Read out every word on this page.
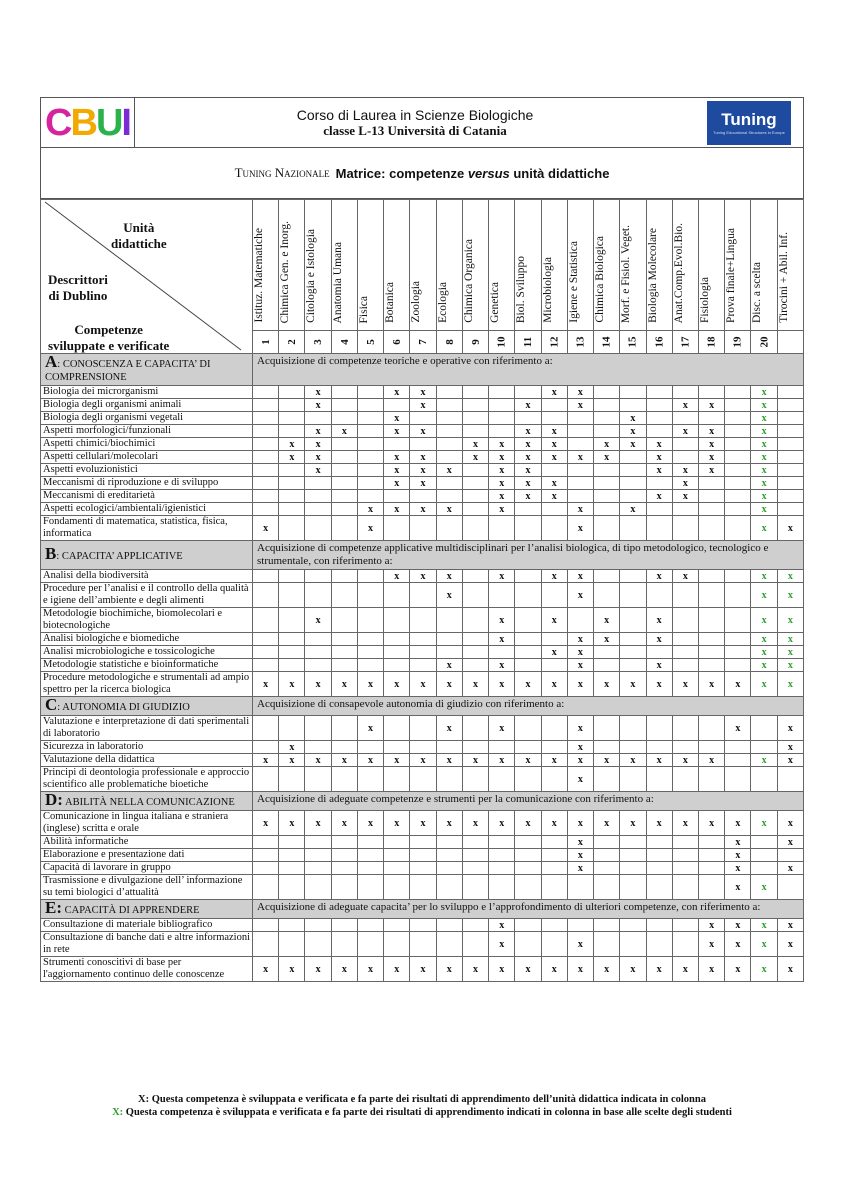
CBUI	Corso di Laurea in Scienze Biologiche
classe L-13 Università di Catania
Tuning
Tuning Educational Structures in Europe
Tuning Nazionale Matrice: competenze versus unità didattiche
Unità
didattiche
Descrittori
di Dublino
Competenze
sviluppate e verificate
	Istituz. Matematiche	Chimica Gen. e Inorg.	Citologia e Istologia	Anatomia Umana	Fisica	Botanica	Zoologia	Ecologia	Chimica Organica	Genetica	Biol. Sviluppo	Microbiologia	Igiene e Statistica	Chimica Biologica	Morf. e Fisiol. Veget.	Biologia Molecolare	Anat.Comp.Evol.Bio.	Fisiologia	Prova finale+Lingua	Disc. a scelta	Tirocini + Abil. Inf.
	1	2	3	4	5	6	7	8	9	10	11	12	13	14	15	16	17	18	19	20	
A: CONOSCENZA E CAPACITA’ DI COMPRENSIONE	Acquisizione di competenze teoriche e operative con riferimento a:																				
Biologia dei microrganismi			x			x	x					x	x							x	
Biologia degli organismi animali			x				x				x		x				x	x		x	
Biologia degli organismi vegetali						x									x					x	
Aspetti morfologici/funzionali			x	x		x	x				x	x			x		x	x		x	
Aspetti chimici/biochimici		x	x						x	x	x	x		x	x	x		x		x	
Aspetti cellulari/molecolari		x	x			x	x		x	x	x	x	x	x		x		x		x	
Aspetti evoluzionistici			x			x	x	x		x	x					x	x	x		x	
Meccanismi di riproduzione e di sviluppo						x	x			x	x	x					x			x	
Meccanismi di ereditarietà										x	x	x				x	x			x	
Aspetti ecologici/ambientali/igienistici					x	x	x	x		x			x		x					x	
Fondamenti di matematica, statistica, fisica, informatica	x				x								x							x	x
B: CAPACITA’ APPLICATIVE	Acquisizione di competenze applicative multidisciplinari per l’analisi biologica, di tipo metodologico, tecnologico e strumentale, con riferimento a:																				
Analisi della biodiversità						x	x	x		x		x	x			x	x			x	x
Procedure per l’analisi e il controllo della qualità e igiene dell’ambiente e degli alimenti								x					x							x	x
Metodologie biochimiche, biomolecolari e biotecnologiche			x							x		x		x		x				x	x
Analisi biologiche e biomediche										x			x	x		x				x	x
Analisi microbiologiche e tossicologiche												x	x							x	x
Metodologie statistiche e bioinformatiche								x		x			x			x				x	x
Procedure metodologiche e strumentali ad ampio spettro per la ricerca biologica	x	x	x	x	x	x	x	x	x	x	x	x	x	x	x	x	x	x	x	x	x
C: AUTONOMIA DI GIUDIZIO	Acquisizione di consapevole autonomia di giudizio con riferimento a:																				
Valutazione e interpretazione di dati sperimentali di laboratorio					x			x		x			x						x		x
Sicurezza in laboratorio		x											x								x
Valutazione della didattica	x	x	x	x	x	x	x	x	x	x	x	x	x	x	x	x	x	x		x	x
Principi di deontologia professionale e approccio scientifico alle problematiche bioetiche													x								
D: ABILITÀ NELLA COMUNICAZIONE	Acquisizione di adeguate competenze e strumenti per la comunicazione con riferimento a:																				
Comunicazione in lingua italiana e straniera (inglese) scritta e orale	x	x	x	x	x	x	x	x	x	x	x	x	x	x	x	x	x	x	x	x	x
Abilità informatiche													x						x		x
Elaborazione e presentazione dati													x						x		
Capacità di lavorare in gruppo													x						x		x
Trasmissione e divulgazione dell’ informazione su temi biologici d’attualità																			x	x	
E: CAPACITÀ DI APPRENDERE	Acquisizione di adeguate capacita’ per lo sviluppo e l’approfondimento di ulteriori competenze, con riferimento a:																				
Consultazione di materiale bibliografico										x								x	x	x	x
Consultazione di banche dati e altre informazioni in rete										x			x					x	x	x	x
Strumenti conoscitivi di base per l'aggiornamento continuo delle conoscenze	x	x	x	x	x	x	x	x	x	x	x	x	x	x	x	x	x	x	x	x	x
X: Questa competenza è sviluppata e verificata e fa parte dei risultati di apprendimento dell’unità didattica indicata in colonna
X: Questa competenza è sviluppata e verificata e fa parte dei risultati di apprendimento indicati in colonna in base alle scelte degli studenti
